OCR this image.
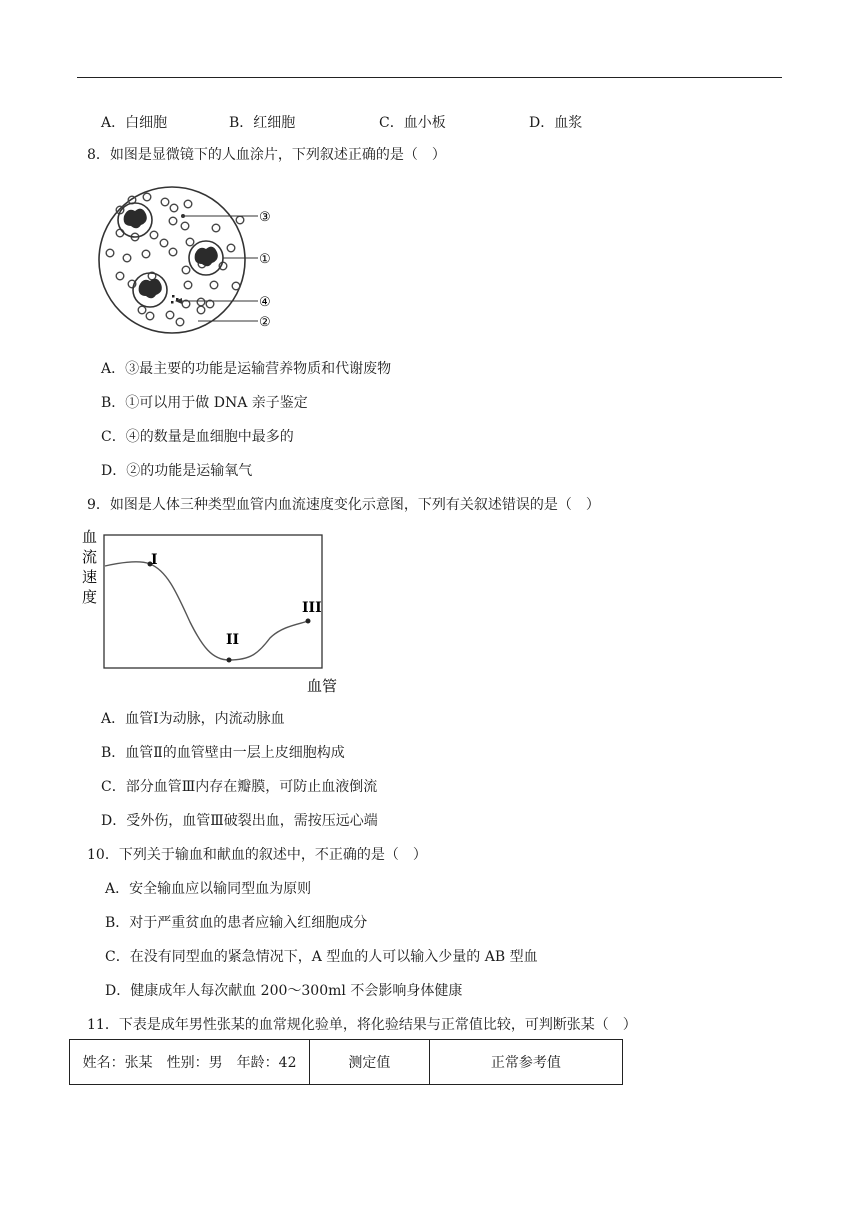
A．白细胞	B．红细胞	C．血小板	D．血浆
8．如图是显微镜下的人血涂片，下列叙述正确的是（　）
③
①
④
②
A．③最主要的功能是运输营养物质和代谢废物
B．①可以用于做 DNA 亲子鉴定
C．④的数量是血细胞中最多的
D．②的功能是运输氧气
9．如图是人体三种类型血管内血流速度变化示意图，下列有关叙述错误的是（　）
血
流
速
度
I
II
III
血管
A．血管Ⅰ为动脉，内流动脉血
B．血管Ⅱ的血管壁由一层上皮细胞构成
C．部分血管Ⅲ内存在瓣膜，可防止血液倒流
D．受外伤，血管Ⅲ破裂出血，需按压远心端
10．下列关于输血和献血的叙述中，不正确的是（　）
A．安全输血应以输同型血为原则
B．对于严重贫血的患者应输入红细胞成分
C．在没有同型血的紧急情况下，A 型血的人可以输入少量的 AB 型血
D．健康成年人每次献血 200～300ml 不会影响身体健康
11．下表是成年男性张某的血常规化验单，将化验结果与正常值比较，可判断张某（　）
姓名：张某　性别：男　年龄：42	测定值	正常参考值
